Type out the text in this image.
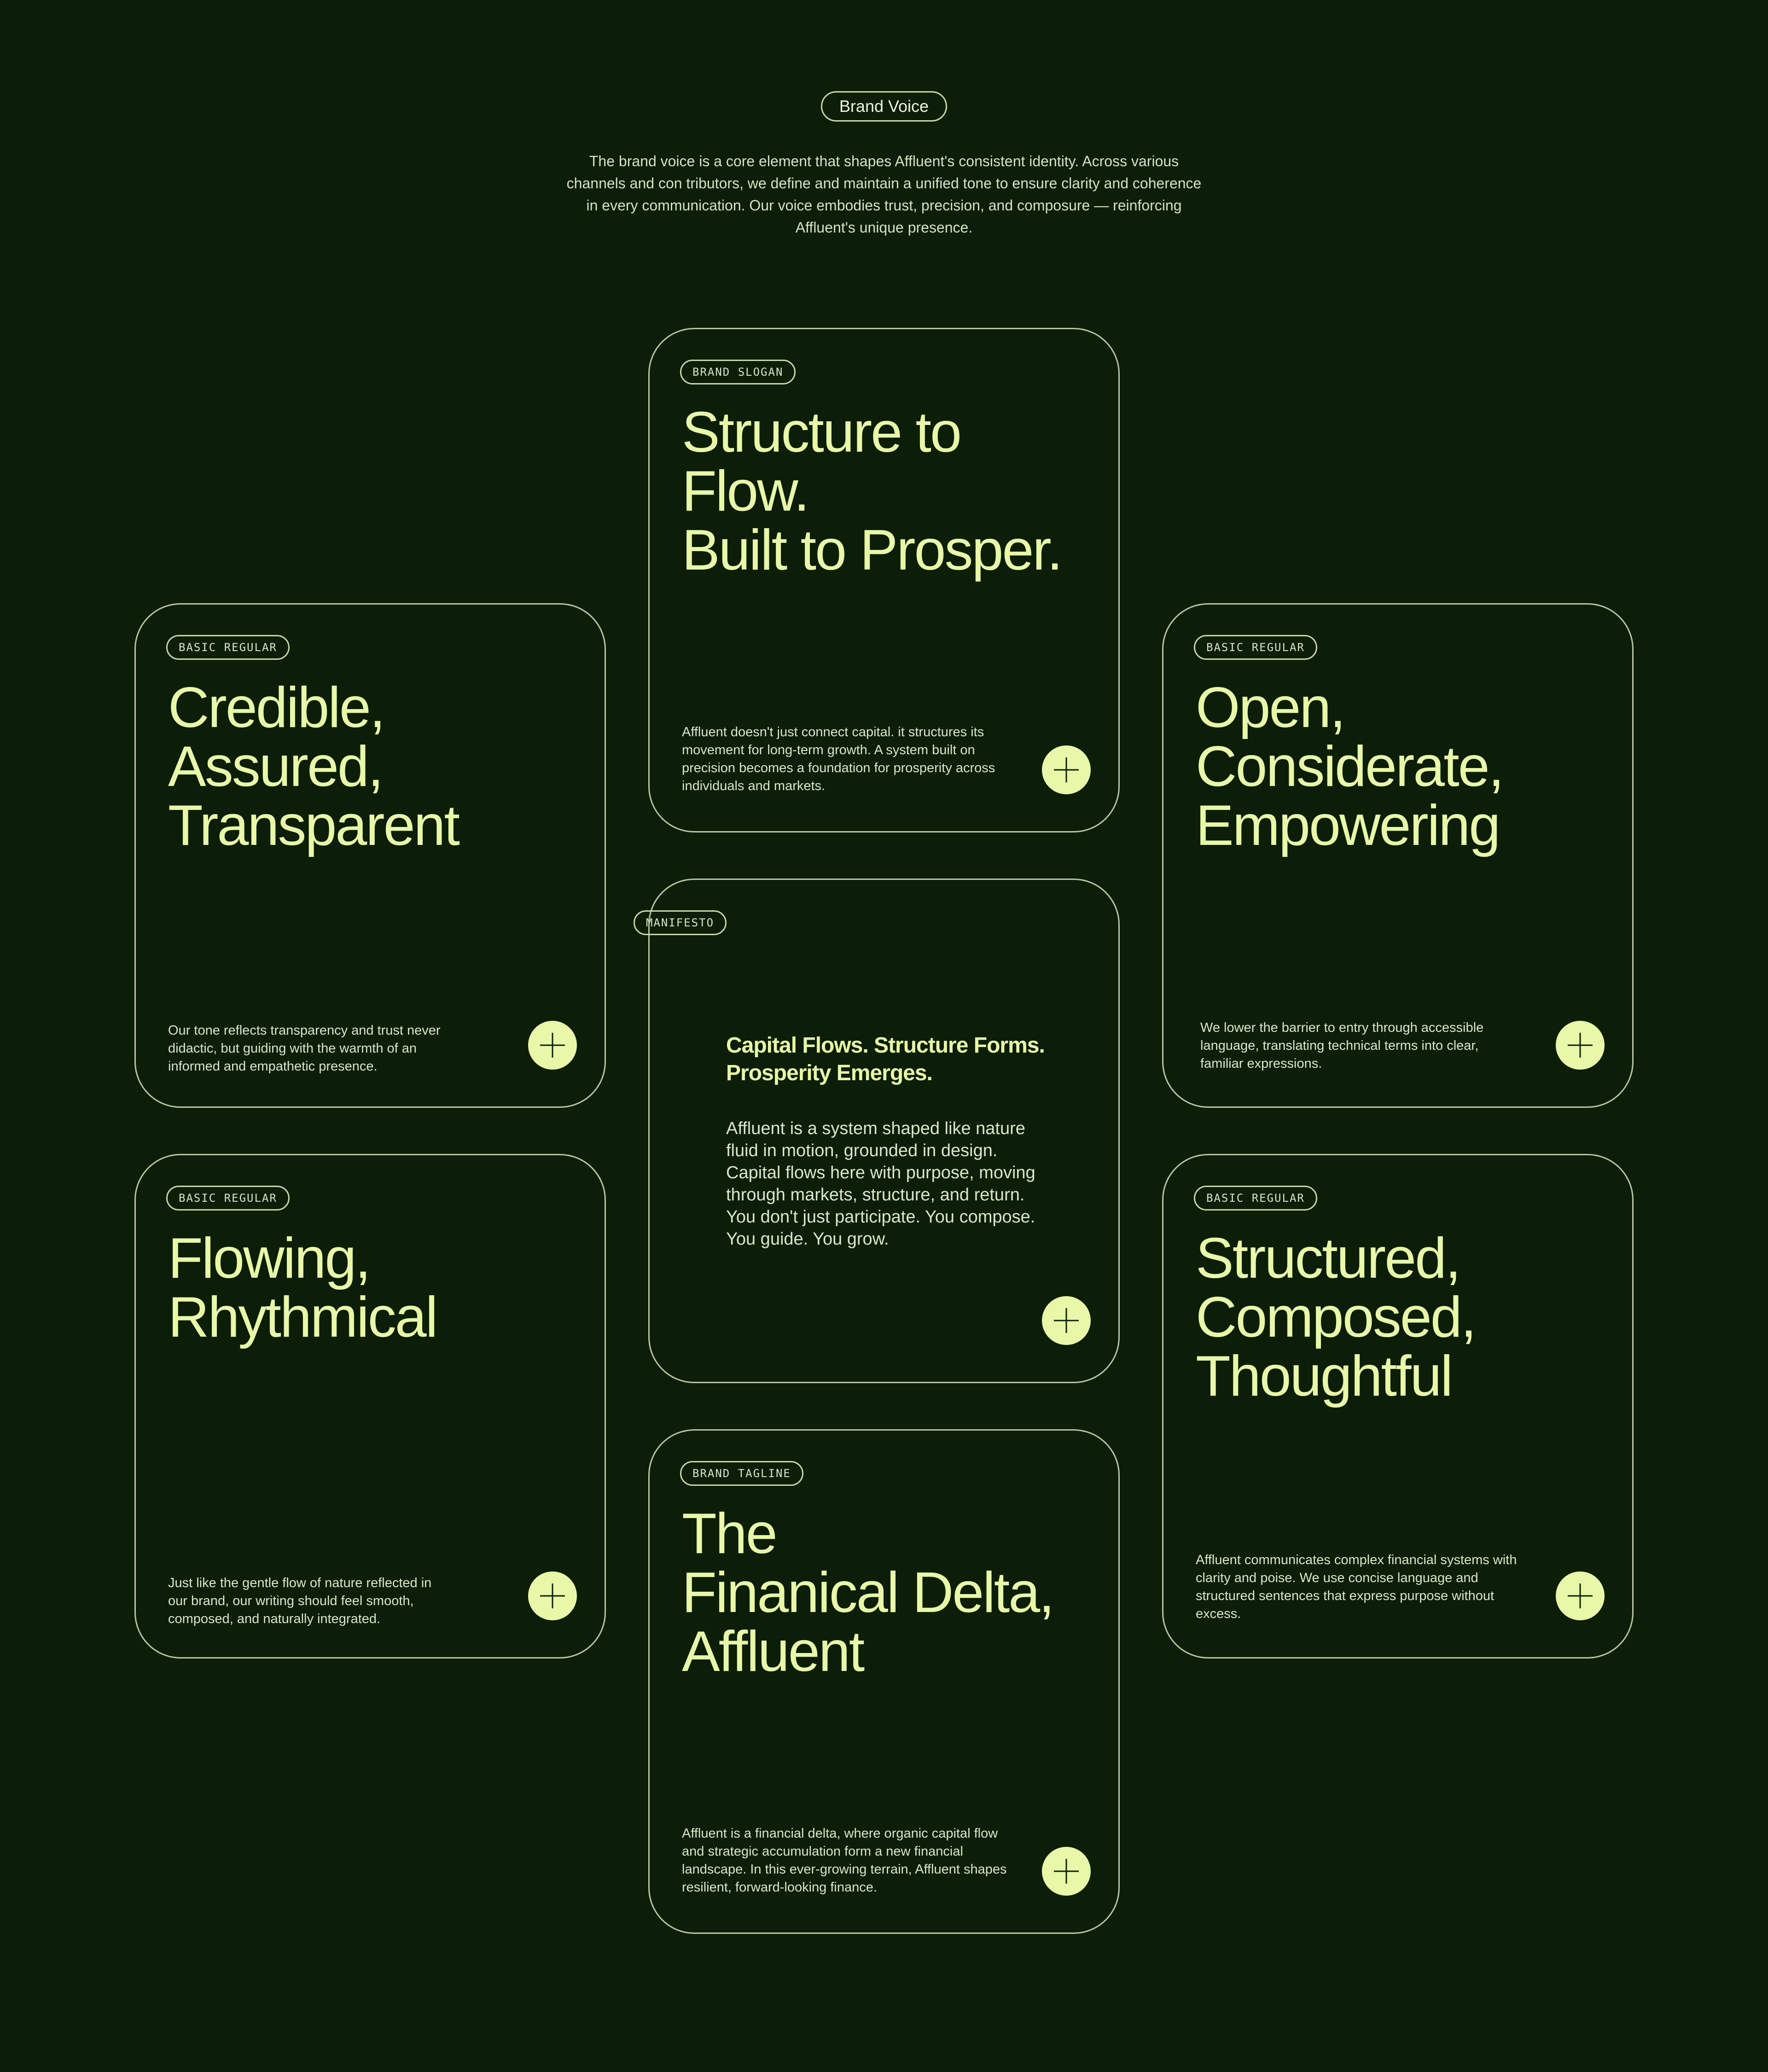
Brand Voice

The brand voice is a core element that shapes Affluent's consistent identity. Across various channels and con tributors, we define and maintain a unified tone to ensure clarity and coherence in every communication. Our voice embodies trust, precision, and composure — reinforcing Affluent's unique presence.

BRAND SLOGAN
Structure to
Flow.
Built to Prosper.

Affluent doesn't just connect capital. it structures its movement for long-term growth. A system built on precision becomes a foundation for prosperity across individuals and markets.

BASIC REGULAR
Credible,
Assured,
Transparent

Our tone reflects transparency and trust never didactic, but guiding with the warmth of an informed and empathetic presence.

BASIC REGULAR
Open,
Considerate,
Empowering

We lower the barrier to entry through accessible language, translating technical terms into clear, familiar expressions.

MANIFESTO
Capital Flows. Structure Forms.
Prosperity Emerges.

Affluent is a system shaped like nature
fluid in motion, grounded in design.
Capital flows here with purpose, moving
through markets, structure, and return.
You don't just participate. You compose.
You guide. You grow.

BASIC REGULAR
Flowing,
Rhythmical

Just like the gentle flow of nature reflected in our brand, our writing should feel smooth, composed, and naturally integrated.

BASIC REGULAR
Structured,
Composed,
Thoughtful

Affluent communicates complex financial systems with clarity and poise. We use concise language and structured sentences that express purpose without excess.

BRAND TAGLINE
The
Finanical Delta,
Affluent

Affluent is a financial delta, where organic capital flow and strategic accumulation form a new financial landscape. In this ever-growing terrain, Affluent shapes resilient, forward-looking finance.
